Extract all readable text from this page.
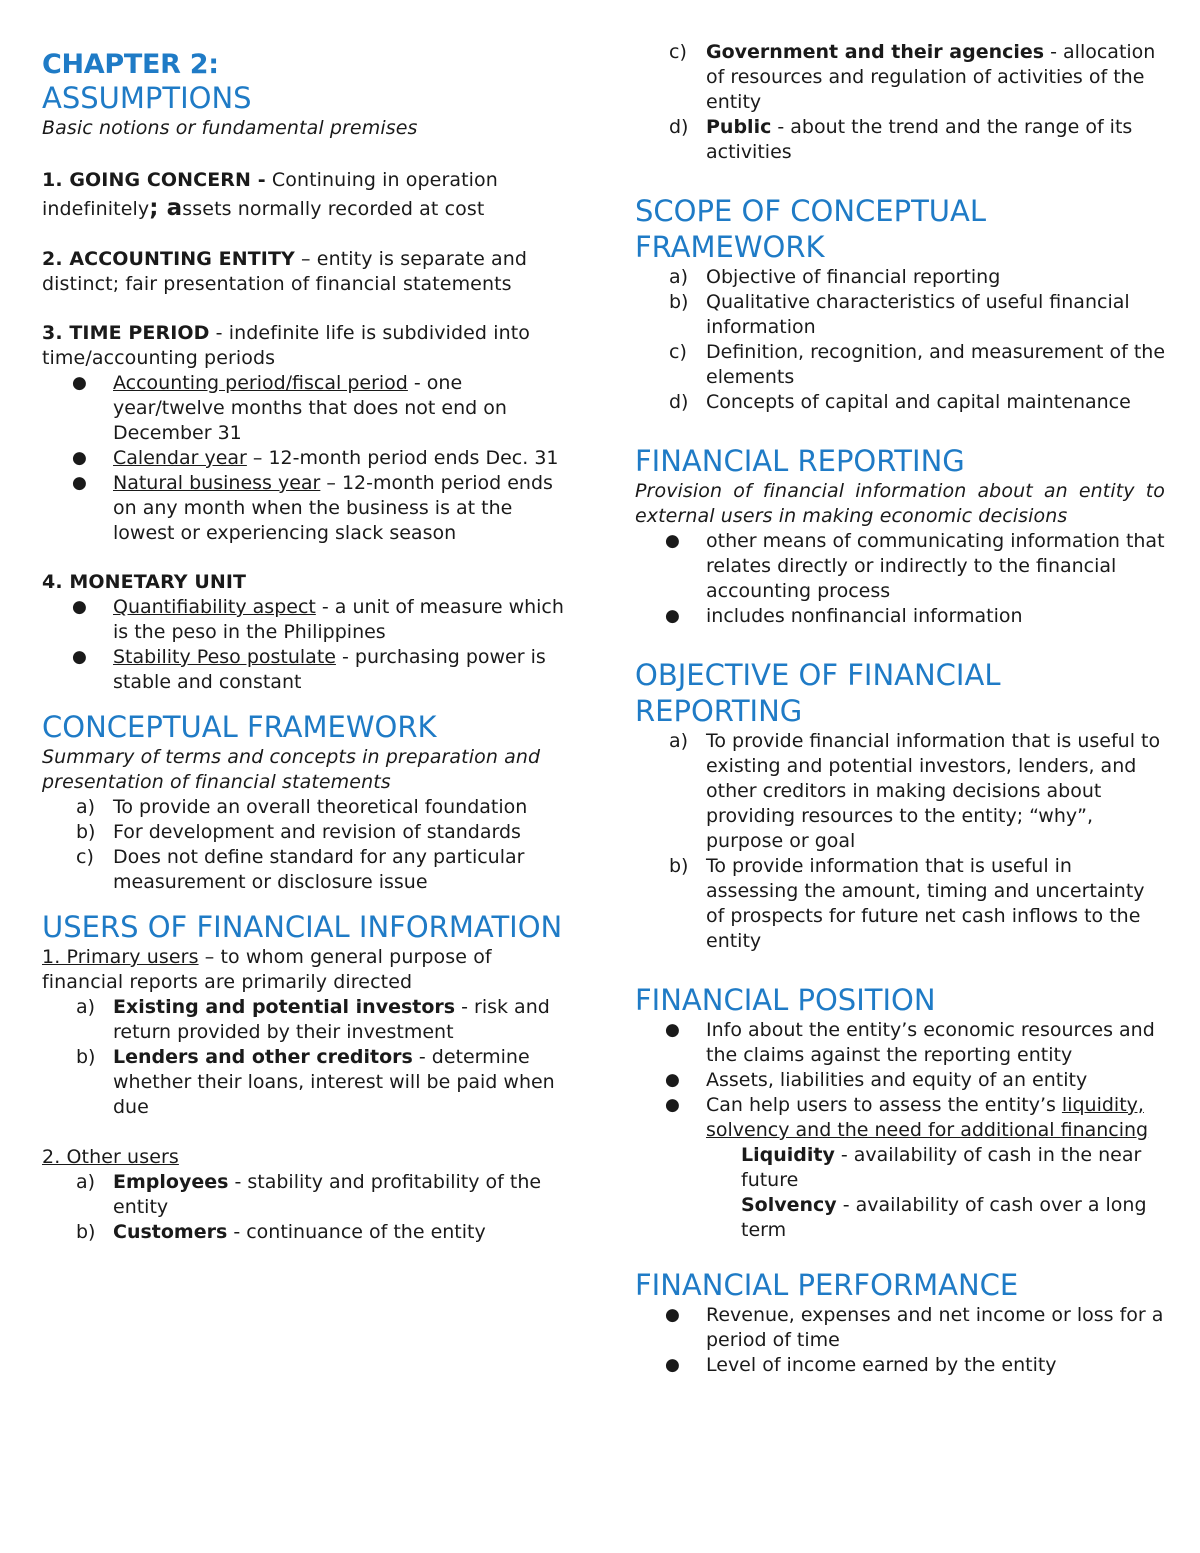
CHAPTER 2:
ASSUMPTIONS

Basic notions or fundamental premises

1. GOING CONCERN - Continuing in operation indefinitely; assets normally recorded at cost

2. ACCOUNTING ENTITY – entity is separate and distinct; fair presentation of financial statements

3. TIME PERIOD - indefinite life is subdivided into time/accounting periods

●	Accounting period/fiscal period - one year/twelve months that does not end on December 31
●	Calendar year – 12-month period ends Dec. 31
●	Natural business year – 12-month period ends on any month when the business is at the lowest or experiencing slack season

4. MONETARY UNIT

●	Quantifiability aspect - a unit of measure which is the peso in the Philippines
●	Stability Peso postulate - purchasing power is stable and constant
CONCEPTUAL FRAMEWORK

Summary of terms and concepts in preparation and presentation of financial statements

a) To provide an overall theoretical foundation
b) For development and revision of standards
c)	Does not define standard for any particular measurement or disclosure issue
USERS OF FINANCIAL INFORMATION

1. Primary users – to whom general purpose of financial reports are primarily directed

a) Existing and potential investors - risk and return provided by their investment
b) Lenders and other creditors - determine whether their loans, interest will be paid when due

2. Other users

a) Employees - stability and profitability of the entity
b) Customers - continuance of the entity
c)	Government and their agencies - allocation of resources and regulation of activities of the entity
d) Public - about the trend and the range of its activities
SCOPE OF CONCEPTUAL FRAMEWORK
a) Objective of financial reporting
b) Qualitative characteristics of useful financial information
c)	Definition, recognition, and measurement of the elements
d) Concepts of capital and capital maintenance
FINANCIAL REPORTING

Provision of financial information about an entity to external users in making economic decisions

●	other means of communicating information that relates directly or indirectly to the financial accounting process
●	includes nonfinancial information
OBJECTIVE OF FINANCIAL REPORTING
a) To provide financial information that is useful to existing and potential investors, lenders, and other creditors in making decisions about providing resources to the entity; “why”, purpose or goal
b) To provide information that is useful in assessing the amount, timing and uncertainty of prospects for future net cash inflows to the entity
FINANCIAL POSITION
●	Info about the entity’s economic resources and the claims against the reporting entity
●	Assets, liabilities and equity of an entity
●	Can help users to assess the entity’s liquidity, solvency and the need for additional financing
Liquidity - availability of cash in the near future
Solvency - availability of cash over a long term
FINANCIAL PERFORMANCE
●	Revenue, expenses and net income or loss for a period of time
●	Level of income earned by the entity
